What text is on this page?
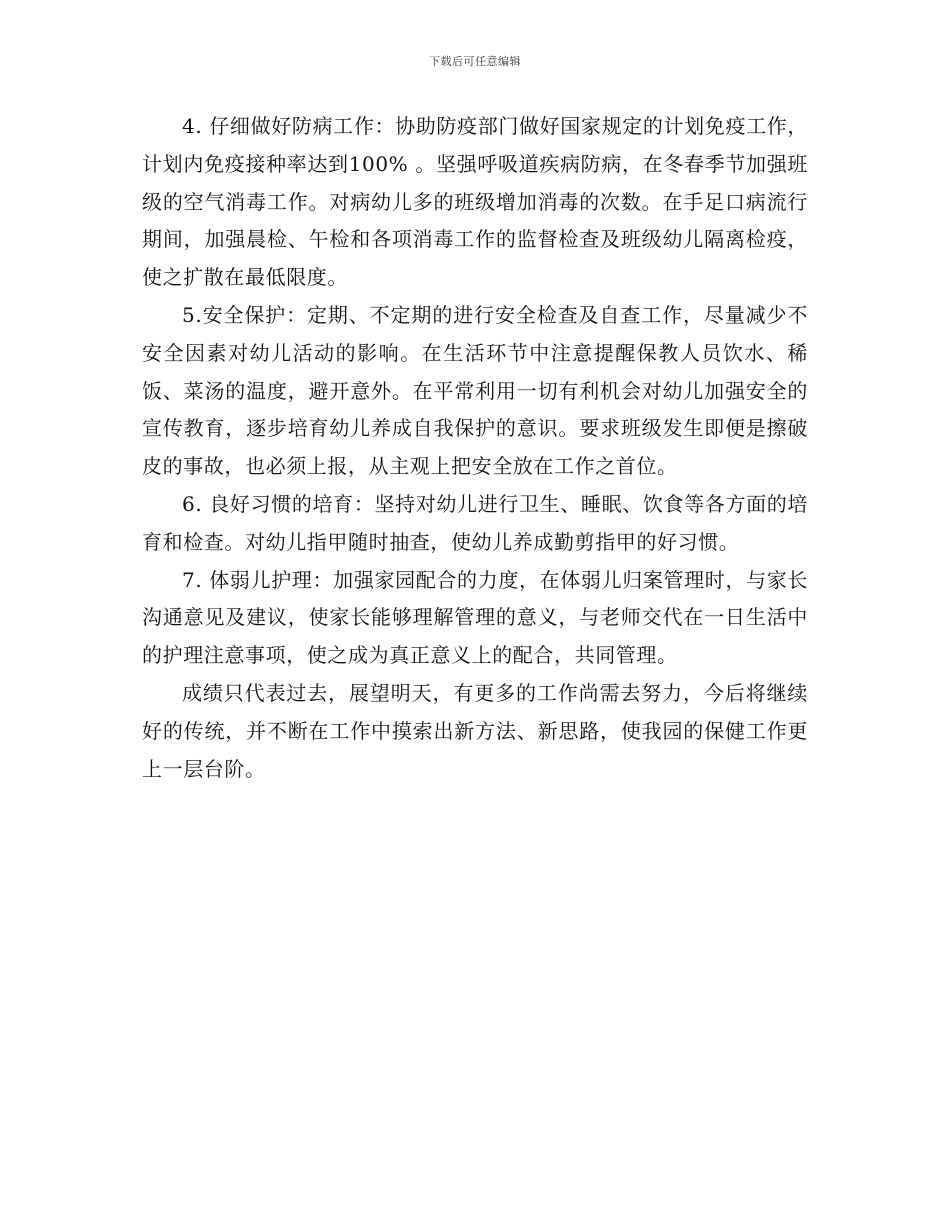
下载后可任意编辑

4. 仔细做好防病工作：协助防疫部门做好国家规定的计划免疫工作，计划内免疫接种率达到100% 。坚强呼吸道疾病防病，在冬春季节加强班级的空气消毒工作。对病幼儿多的班级增加消毒的次数。在手足口病流行期间，加强晨检、午检和各项消毒工作的监督检查及班级幼儿隔离检疫，使之扩散在最低限度。

5.安全保护：定期、不定期的进行安全检查及自查工作，尽量减少不安全因素对幼儿活动的影响。在生活环节中注意提醒保教人员饮水、稀饭、菜汤的温度，避开意外。在平常利用一切有利机会对幼儿加强安全的宣传教育，逐步培育幼儿养成自我保护的意识。要求班级发生即便是擦破皮的事故，也必须上报，从主观上把安全放在工作之首位。

6. 良好习惯的培育：坚持对幼儿进行卫生、睡眠、饮食等各方面的培育和检查。对幼儿指甲随时抽查，使幼儿养成勤剪指甲的好习惯。

7. 体弱儿护理：加强家园配合的力度，在体弱儿归案管理时，与家长沟通意见及建议，使家长能够理解管理的意义，与老师交代在一日生活中的护理注意事项，使之成为真正意义上的配合，共同管理。

成绩只代表过去，展望明天，有更多的工作尚需去努力，今后将继续好的传统，并不断在工作中摸索出新方法、新思路，使我园的保健工作更上一层台阶。
